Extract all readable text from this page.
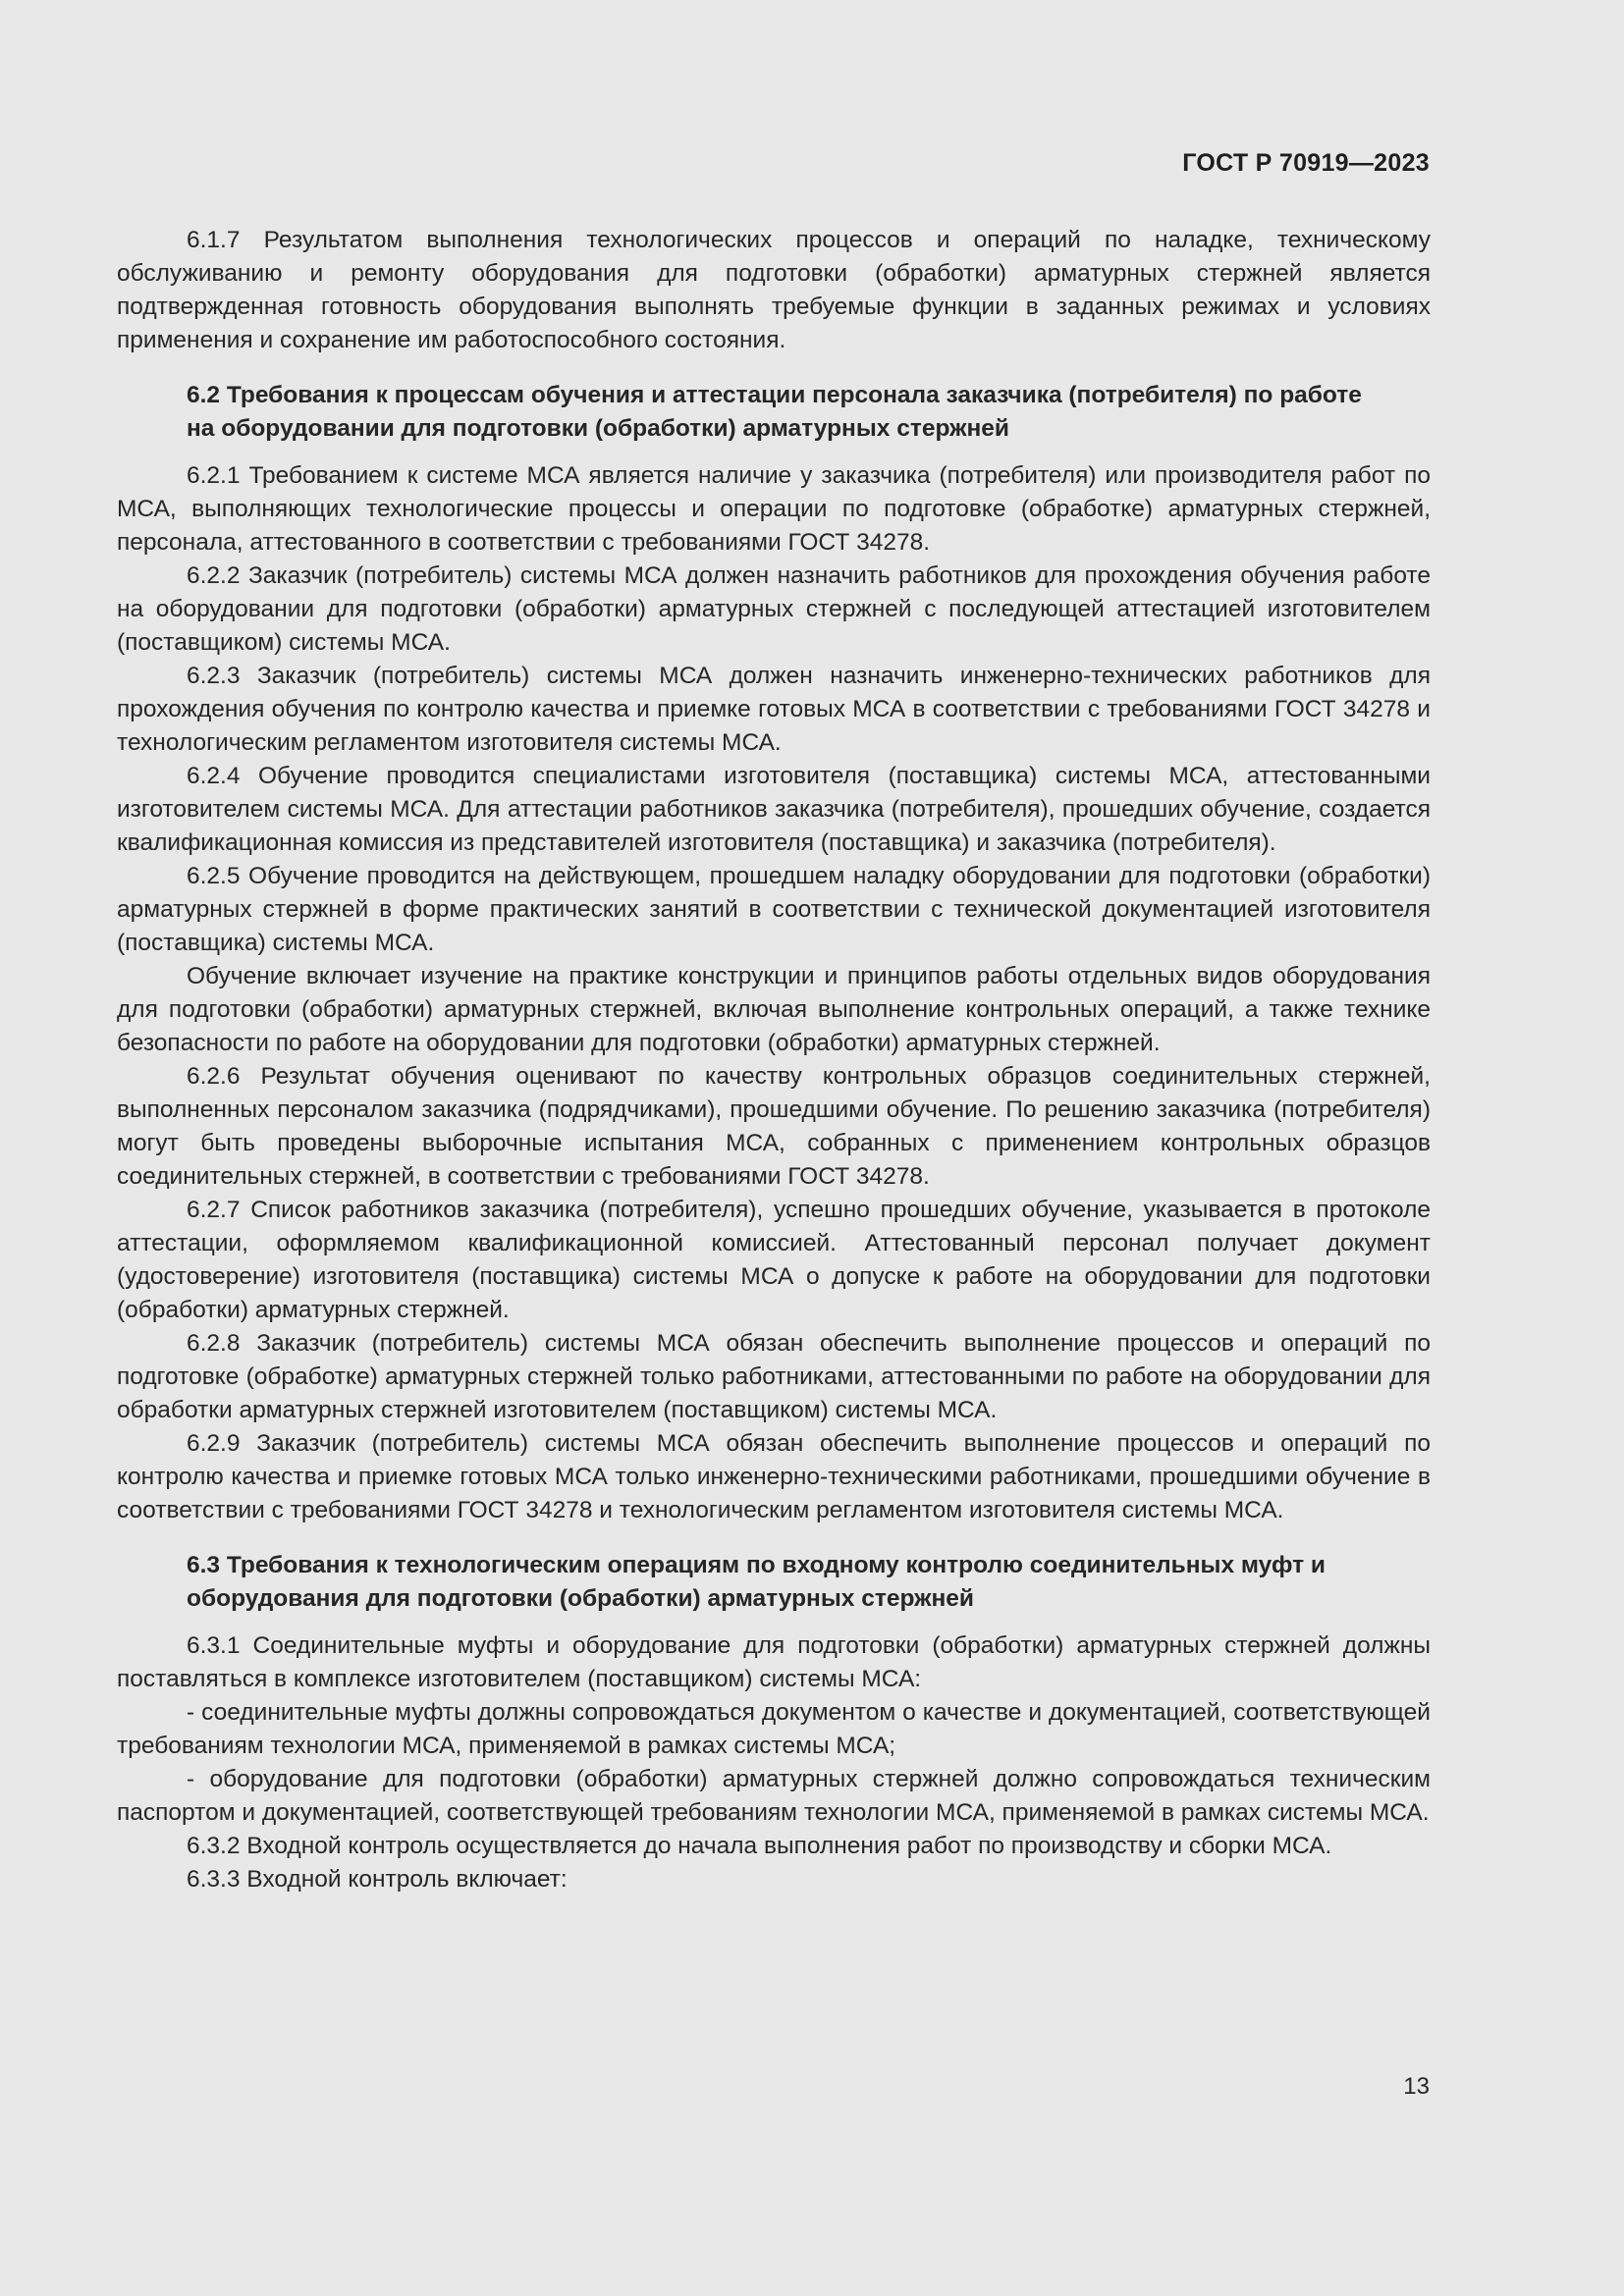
ГОСТ Р 70919—2023

6.1.7 Результатом выполнения технологических процессов и операций по наладке, техническому обслуживанию и ремонту оборудования для подготовки (обработки) арматурных стержней является подтвержденная готовность оборудования выполнять требуемые функции в заданных режимах и условиях применения и сохранение им работоспособного состояния.

6.2 Требования к процессам обучения и аттестации персонала заказчика (потребителя) по работе на оборудовании для подготовки (обработки) арматурных стержней

6.2.1 Требованием к системе МСА является наличие у заказчика (потребителя) или производителя работ по МСА, выполняющих технологические процессы и операции по подготовке (обработке) арматурных стержней, персонала, аттестованного в соответствии с требованиями ГОСТ 34278.

6.2.2 Заказчик (потребитель) системы МСА должен назначить работников для прохождения обучения работе на оборудовании для подготовки (обработки) арматурных стержней с последующей аттестацией изготовителем (поставщиком) системы МСА.

6.2.3 Заказчик (потребитель) системы МСА должен назначить инженерно-технических работников для прохождения обучения по контролю качества и приемке готовых МСА в соответствии с требованиями ГОСТ 34278 и технологическим регламентом изготовителя системы МСА.

6.2.4 Обучение проводится специалистами изготовителя (поставщика) системы МСА, аттестованными изготовителем системы МСА. Для аттестации работников заказчика (потребителя), прошедших обучение, создается квалификационная комиссия из представителей изготовителя (поставщика) и заказчика (потребителя).

6.2.5 Обучение проводится на действующем, прошедшем наладку оборудовании для подготовки (обработки) арматурных стержней в форме практических занятий в соответствии с технической документацией изготовителя (поставщика) системы МСА.

Обучение включает изучение на практике конструкции и принципов работы отдельных видов оборудования для подготовки (обработки) арматурных стержней, включая выполнение контрольных операций, а также технике безопасности по работе на оборудовании для подготовки (обработки) арматурных стержней.

6.2.6 Результат обучения оценивают по качеству контрольных образцов соединительных стержней, выполненных персоналом заказчика (подрядчиками), прошедшими обучение. По решению заказчика (потребителя) могут быть проведены выборочные испытания МСА, собранных с применением контрольных образцов соединительных стержней, в соответствии с требованиями ГОСТ 34278.

6.2.7 Список работников заказчика (потребителя), успешно прошедших обучение, указывается в протоколе аттестации, оформляемом квалификационной комиссией. Аттестованный персонал получает документ (удостоверение) изготовителя (поставщика) системы МСА о допуске к работе на оборудовании для подготовки (обработки) арматурных стержней.

6.2.8 Заказчик (потребитель) системы МСА обязан обеспечить выполнение процессов и операций по подготовке (обработке) арматурных стержней только работниками, аттестованными по работе на оборудовании для обработки арматурных стержней изготовителем (поставщиком) системы МСА.

6.2.9 Заказчик (потребитель) системы МСА обязан обеспечить выполнение процессов и операций по контролю качества и приемке готовых МСА только инженерно-техническими работниками, прошедшими обучение в соответствии с требованиями ГОСТ 34278 и технологическим регламентом изготовителя системы МСА.

6.3 Требования к технологическим операциям по входному контролю соединительных муфт и оборудования для подготовки (обработки) арматурных стержней

6.3.1 Соединительные муфты и оборудование для подготовки (обработки) арматурных стержней должны поставляться в комплексе изготовителем (поставщиком) системы МСА:

- соединительные муфты должны сопровождаться документом о качестве и документацией, соответствующей требованиям технологии МСА, применяемой в рамках системы МСА;

- оборудование для подготовки (обработки) арматурных стержней должно сопровождаться техническим паспортом и документацией, соответствующей требованиям технологии МСА, применяемой в рамках системы МСА.

6.3.2 Входной контроль осуществляется до начала выполнения работ по производству и сборки МСА.

6.3.3 Входной контроль включает:

13
